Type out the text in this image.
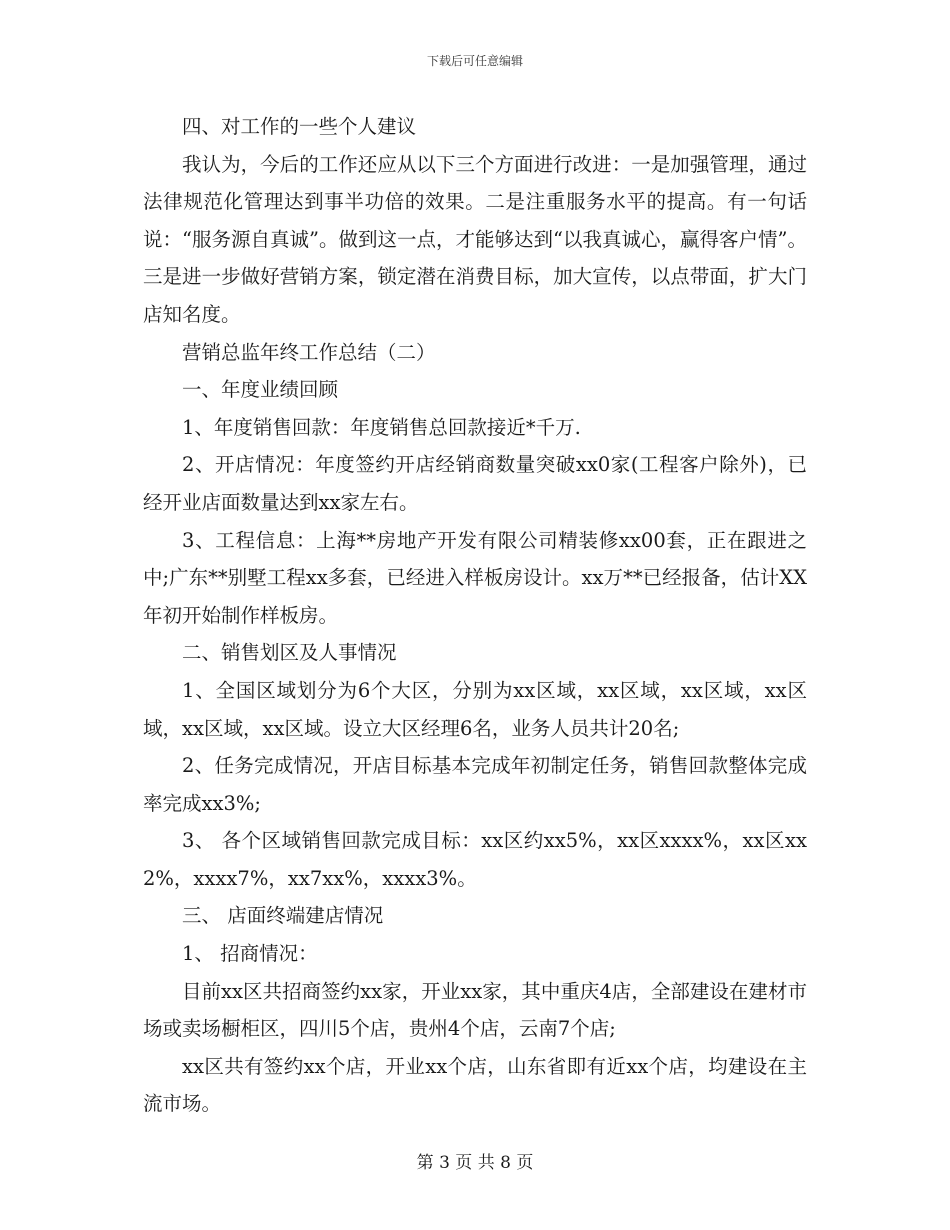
下载后可任意编辑

四、对工作的一些个人建议

我认为，今后的工作还应从以下三个方面进行改进：一是加强管理，通过法律规范化管理达到事半功倍的效果。二是注重服务水平的提高。有一句话说：“服务源自真诚”。做到这一点，才能够达到“以我真诚心，赢得客户情”。三是进一步做好营销方案，锁定潜在消费目标，加大宣传，以点带面，扩大门店知名度。

营销总监年终工作总结（二）

一、年度业绩回顾

1、年度销售回款：年度销售总回款接近*千万.

2、开店情况：年度签约开店经销商数量突破xx0家(工程客户除外)，已经开业店面数量达到xx家左右。

3、工程信息：上海**房地产开发有限公司精装修xx00套，正在跟进之中;广东**别墅工程xx多套，已经进入样板房设计。xx万**已经报备，估计XX年初开始制作样板房。

二、销售划区及人事情况

1、全国区域划分为6个大区，分别为xx区域，xx区域，xx区域，xx区域，xx区域，xx区域。设立大区经理6名，业务人员共计20名;

2、任务完成情况，开店目标基本完成年初制定任务，销售回款整体完成率完成xx3%;

3、 各个区域销售回款完成目标：xx区约xx5%，xx区xxxx%，xx区xx2%，xxxx7%，xx7xx%，xxxx3%。

三、 店面终端建店情况

1、 招商情况：

目前xx区共招商签约xx家，开业xx家，其中重庆4店，全部建设在建材市场或卖场橱柜区，四川5个店，贵州4个店，云南7个店;

xx区共有签约xx个店，开业xx个店，山东省即有近xx个店，均建设在主流市场。

第 3 页 共 8 页
